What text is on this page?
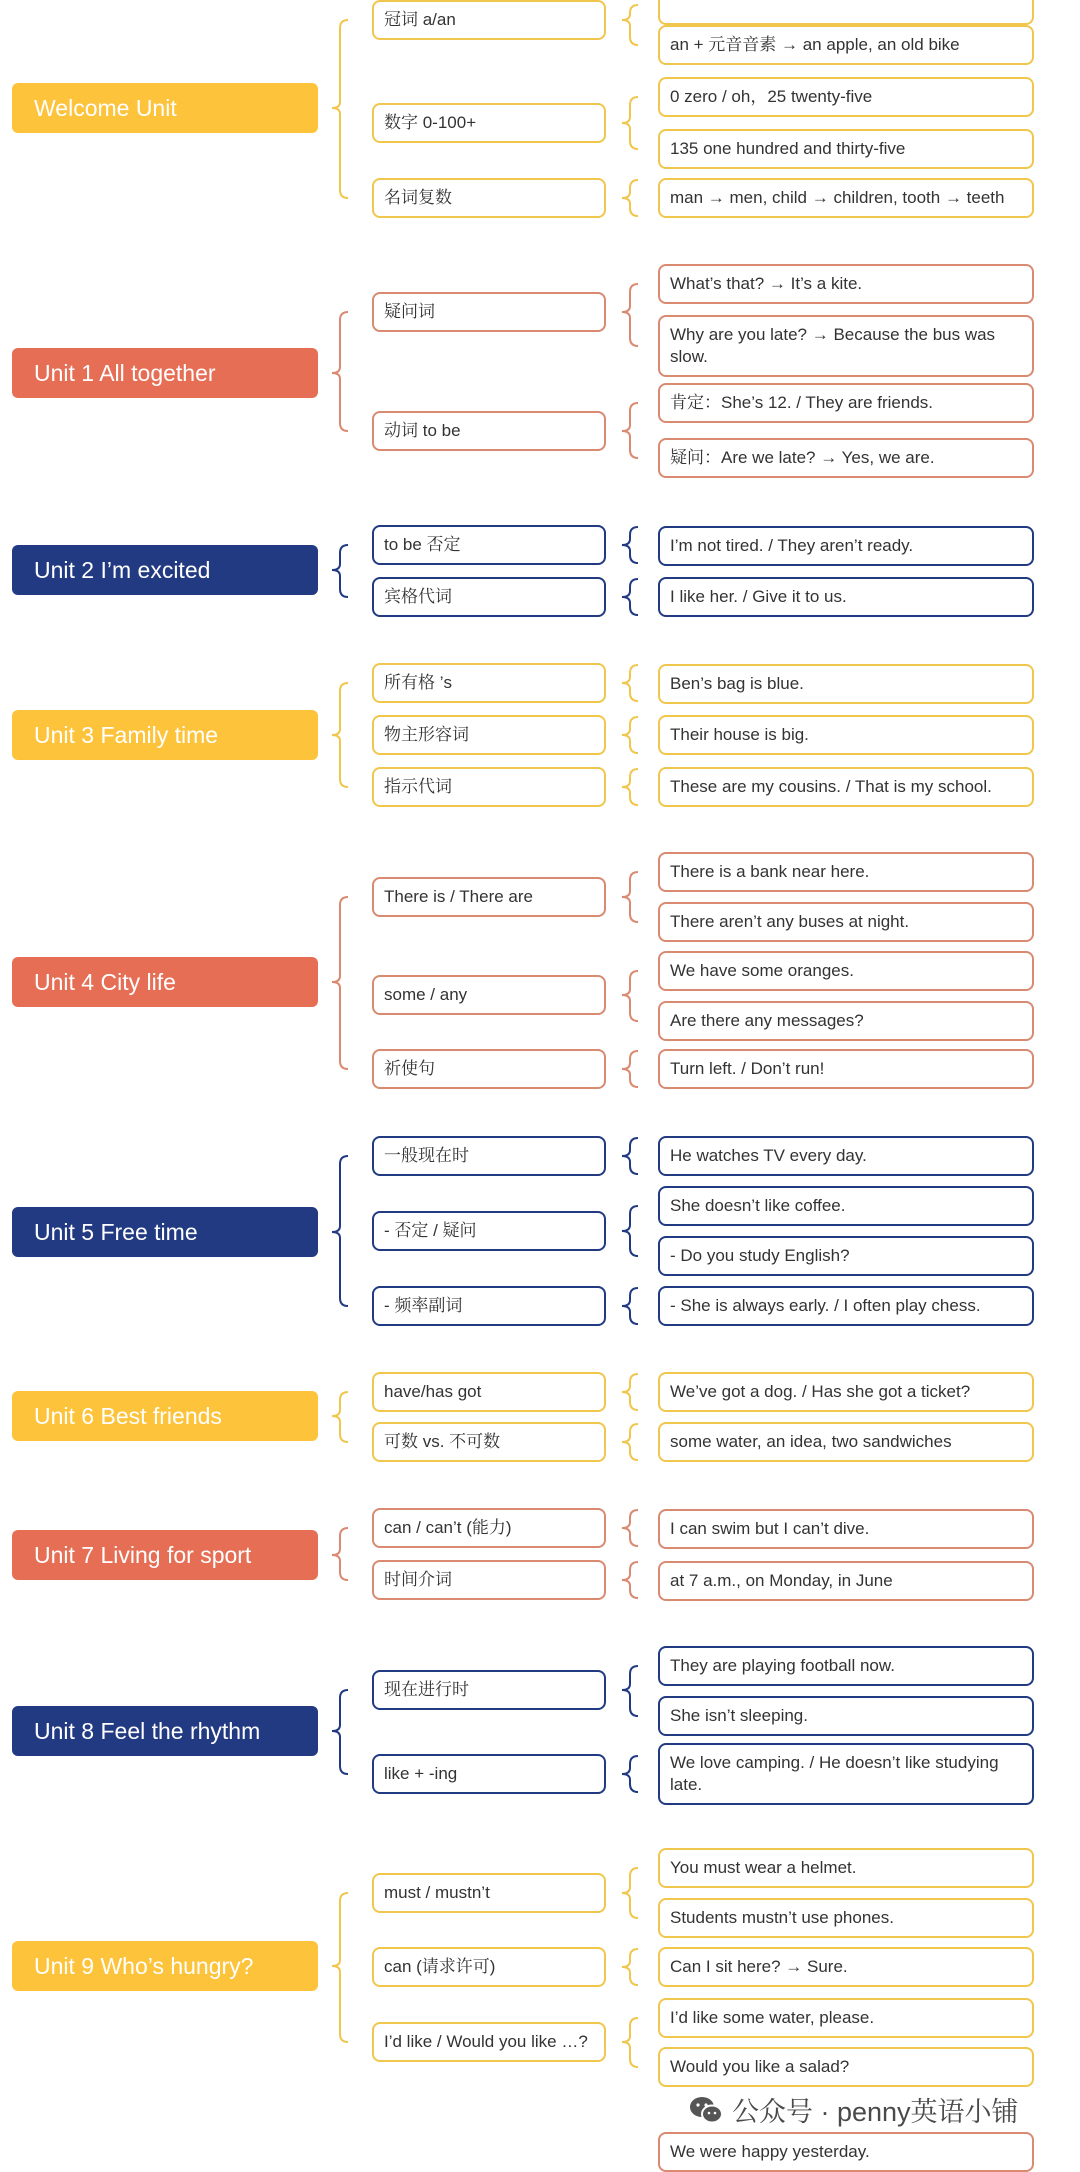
Welcome Unit
冠词 a/an
an + 元音音素 → an apple, an old bike
数字 0-100+
0 zero / oh，25 twenty-five
135 one hundred and thirty-five
名词复数	man → men, child → children, tooth → teeth
Unit 1 All together
疑问词
What’s that? → It’s a kite.
Why are you late? → Because the bus was slow.
动词 to be
肯定：She’s 12. / They are friends.
疑问：Are we late? → Yes, we are.
Unit 2 I’m excited
to be 否定	I’m not tired. / They aren’t ready.
宾格代词	I like her. / Give it to us.
Unit 3 Family time
所有格 ’s	Ben’s bag is blue.
物主形容词	Their house is big.
指示代词	These are my cousins. / That is my school.
Unit 4 City life
There is / There are
There is a bank near here.
There aren’t any buses at night.
some / any
We have some oranges.
Are there any messages?
祈使句	Turn left. / Don’t run!
Unit 5 Free time
一般现在时	He watches TV every day.
- 否定 / 疑问
She doesn’t like coffee.
- Do you study English?
- 频率副词	- She is always early. / I often play chess.
Unit 6 Best friends
have/has got	We’ve got a dog. / Has she got a ticket?
可数 vs. 不可数	some water, an idea, two sandwiches
Unit 7 Living for sport
can / can’t (能力)	I can swim but I can’t dive.
时间介词	at 7 a.m., on Monday, in June
Unit 8 Feel the rhythm
现在进行时
They are playing football now.
She isn’t sleeping.
like + -ing
We love camping. / He doesn’t like studying late.
Unit 9 Who’s hungry?
must / mustn’t
You must wear a helmet.
Students mustn’t use phones.
can (请求许可)	Can I sit here? → Sure.
I’d like / Would you like …?
I’d like some water, please.
Would you like a salad?
We were happy yesterday.
公众号 · penny英语小铺
